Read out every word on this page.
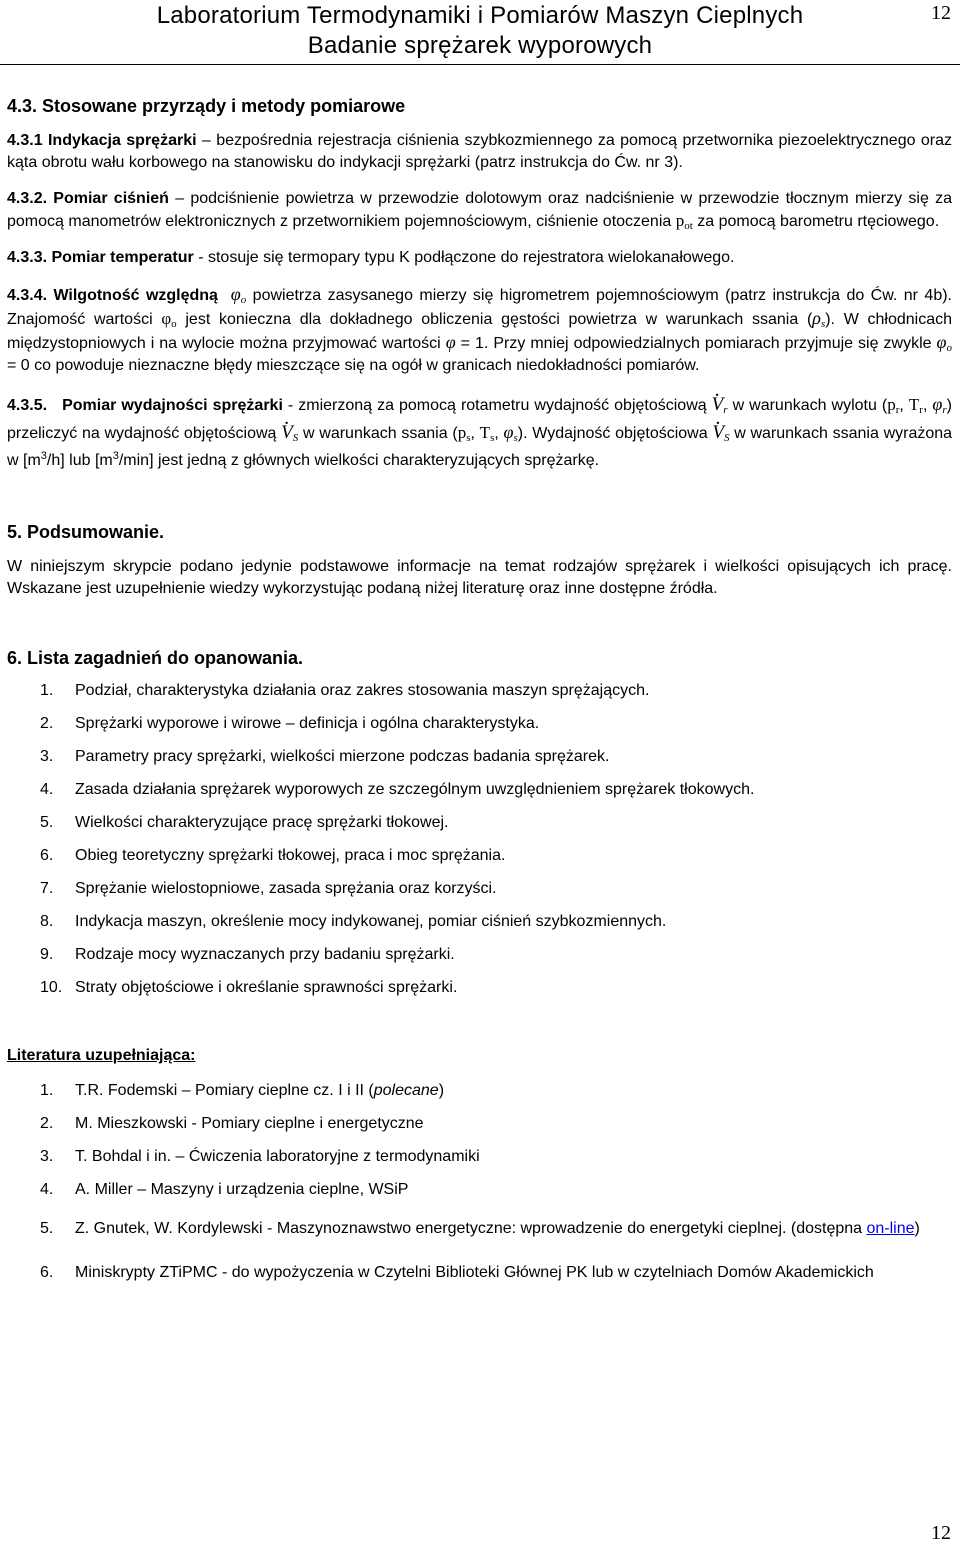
Laboratorium Termodynamiki i Pomiarów Maszyn Cieplnych
Badanie sprężarek wyporowych
12
4.3. Stosowane przyrządy i metody pomiarowe

4.3.1 Indykacja sprężarki – bezpośrednia rejestracja ciśnienia szybkozmiennego za pomocą przetwornika piezoelektrycznego oraz kąta obrotu wału korbowego na stanowisku do indykacji sprężarki (patrz instrukcja do Ćw. nr 3).

4.3.2. Pomiar ciśnień – podciśnienie powietrza w przewodzie dolotowym oraz nadciśnienie w przewodzie tłocznym mierzy się za pomocą manometrów elektronicznych z przetwornikiem pojemnościowym, ciśnienie otoczenia $p_{ot}$ za pomocą barometru rtęciowego.

4.3.3. Pomiar temperatur - stosuje się termopary typu K podłączone do rejestratora wielokanałowego.

4.3.4. Wilgotność względną $\varphi_o$ powietrza zasysanego mierzy się higrometrem pojemnościowym (patrz instrukcja do Ćw. nr 4b). Znajomość wartości $\varphi_o$ jest konieczna dla dokładnego obliczenia gęstości powietrza w warunkach ssania $(\rho_s)$. W chłodnicach międzystopniowych i na wylocie można przyjmować wartości φ = 1. Przy mniej odpowiedzialnych pomiarach przyjmuje się zwykle $\varphi_o = 0$ co powoduje nieznaczne błędy mieszczące się na ogół w granicach niedokładności pomiarów.

4.3.5. Pomiar wydajności sprężarki - zmierzoną za pomocą rotametru wydajność objętościową . $V_r$ w warunkach wylotu ($p_r$, $T_r$, $\varphi_r$) przeliczyć na wydajność objętościową . $V_S$ w warunkach ssania ($p_s$, $T_s$, $\varphi_s$). Wydajność objętościowa . $V_S$ w warunkach ssania wyrażona w $[m^3/h]$ lub $[m^3/\min]$ jest jedną z głównych wielkości charakteryzujących sprężarkę.

5. Podsumowanie.

W niniejszym skrypcie podano jedynie podstawowe informacje na temat rodzajów sprężarek i wielkości opisujących ich pracę. Wskazane jest uzupełnienie wiedzy wykorzystując podaną niżej literaturę oraz inne dostępne źródła.

6. Lista zagadnień do opanowania.
1. Podział, charakterystyka działania oraz zakres stosowania maszyn sprężających.
2. Sprężarki wyporowe i wirowe – definicja i ogólna charakterystyka.
3. Parametry pracy sprężarki, wielkości mierzone podczas badania sprężarek.
4. Zasada działania sprężarek wyporowych ze szczególnym uwzględnieniem sprężarek tłokowych.
5. Wielkości charakteryzujące pracę sprężarki tłokowej.
6. Obieg teoretyczny sprężarki tłokowej, praca i moc sprężania.
7. Sprężanie wielostopniowe, zasada sprężania oraz korzyści.
8. Indykacja maszyn, określenie mocy indykowanej, pomiar ciśnień szybkozmiennych.
9. Rodzaje mocy wyznaczanych przy badaniu sprężarki.
10. Straty objętościowe i określanie sprawności sprężarki.
Literatura uzupełniająca:
1. T.R. Fodemski – Pomiary cieplne cz. I i II (polecane)
2. M. Mieszkowski - Pomiary cieplne i energetyczne
3. T. Bohdal i in. – Ćwiczenia laboratoryjne z termodynamiki
4. A. Miller – Maszyny i urządzenia cieplne, WSiP
5. Z. Gnutek, W. Kordylewski - Maszynoznawstwo energetyczne: wprowadzenie do energetyki cieplnej. (dostępna on-line)
6. Miniskrypty ZTiPMC - do wypożyczenia w Czytelni Biblioteki Głównej PK lub w czytelniach Domów Akademickich
12
